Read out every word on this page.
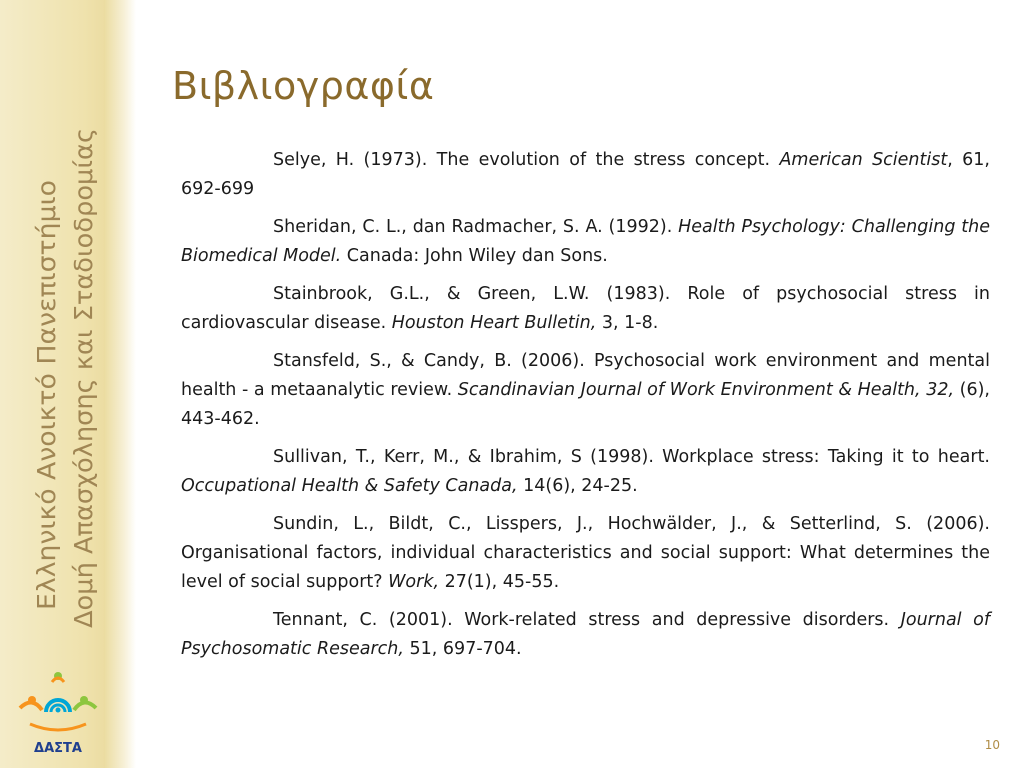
Ελληνικό Ανοικτό Πανεπιστήμιο Δομή Απασχόλησης και Σταδιοδρομίας
ΔΑΣΤΑ
Βιβλιογραφία

Selye, H. (1973). The evolution of the stress concept. American Scientist, 61, 692-699

Sheridan, C. L., dan Radmacher, S. A. (1992). Health Psychology: Challenging the Biomedical Model. Canada: John Wiley dan Sons.

Stainbrook, G.L., & Green, L.W. (1983). Role of psychosocial stress in cardiovascular disease. Houston Heart Bulletin, 3, 1-8.

Stansfeld, S., & Candy, B. (2006). Psychosocial work environment and mental health - a metaanalytic review. Scandinavian Journal of Work Environment & Health, 32, (6), 443-462.

Sullivan, T., Kerr, M., & Ibrahim, S (1998). Workplace stress: Taking it to heart. Occupational Health & Safety Canada, 14(6), 24-25.

Sundin, L., Bildt, C., Lisspers, J., Hochwälder, J., & Setterlind, S. (2006). Organisational factors, individual characteristics and social support: What determines the level of social support? Work, 27(1), 45-55.

Tennant, C. (2001). Work-related stress and depressive disorders. Journal of Psychosomatic Research, 51, 697-704.

10
